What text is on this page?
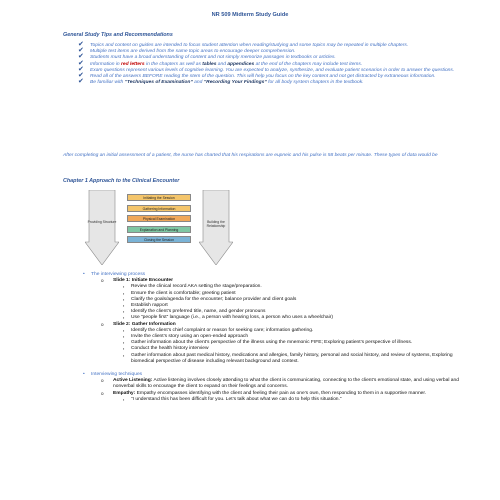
NR 509 Midterm Study Guide
General Study Tips and Recommendations
✔ Topics and content on guides are intended to focus student attention when reading/studying and some topics may be repeated in multiple chapters.
✔ Multiple test items are derived from the same topic areas to encourage deeper comprehension.
✔ Students must have a broad understanding of content and not simply memorize passages in textbooks or articles.
✔ Information in red letters in the chapters as well as tables and appendices at the end of the chapters may include test items.
✔ Exam questions represent various levels of cognitive learning. You are expected to analyze, synthesize, and evaluate patient scenarios in order to answer the questions.
✔ Read all of the answers BEFORE reading the stem of the question. This will help you focus on the key content and not get distracted by extraneous information.
✔ Be familiar with “Techniques of Examination” and “Recording Your Findings” for all body system chapters in the textbook.
After completing an initial assessment of a patient, the nurse has charted that his respirations are eupneic and his pulse is 58 beats per minute. These types of data would be
Chapter 1 Approach to the Clinical Encounter
Providing Structure
Initiating the Session
Gathering Information
Physical Examination
Explanation and Planning
Closing the Session
Building the Relationship
• The interviewing process
o Slide 1: Initiate Encounter
▪ Review the clinical record AKA setting the stage/preparation.
▪ Ensure the client is comfortable; greeting patient
▪ Clarify the goals/agenda for the encounter; balance provider and client goals
▪ Establish rapport
▪ Identify the client’s preferred title, name, and gender pronouns
▪ Use “people first” language (i.e., a person with hearing loss, a person who uses a wheelchair)
o Slide 2: Gather Information
▪ Identify the client’s chief complaint or reason for seeking care; information gathering.
▪ Invite the client’s story using an open-ended approach
▪ Gather information about the client’s perspective of the illness using the mnemonic FIFE; Exploring patient’s perspective of illness.
▪ Conduct the health history interview
▪ Gather information about past medical history, medications and allergies, family history, personal and social history, and review of systems, Exploring biomedical perspective of disease including relevant background and context.
• Interviewing techniques
o Active Listening: Active listening involves closely attending to what the client is communicating, connecting to the client’s emotional state, and using verbal and nonverbal skills to encourage the client to expand on their feelings and concerns.
o Empathy: Empathy encompasses identifying with the client and feeling their pain as one’s own, then responding to them in a supportive manner.
▪ “I understand this has been difficult for you. Let’s talk about what we can do to help this situation.”
